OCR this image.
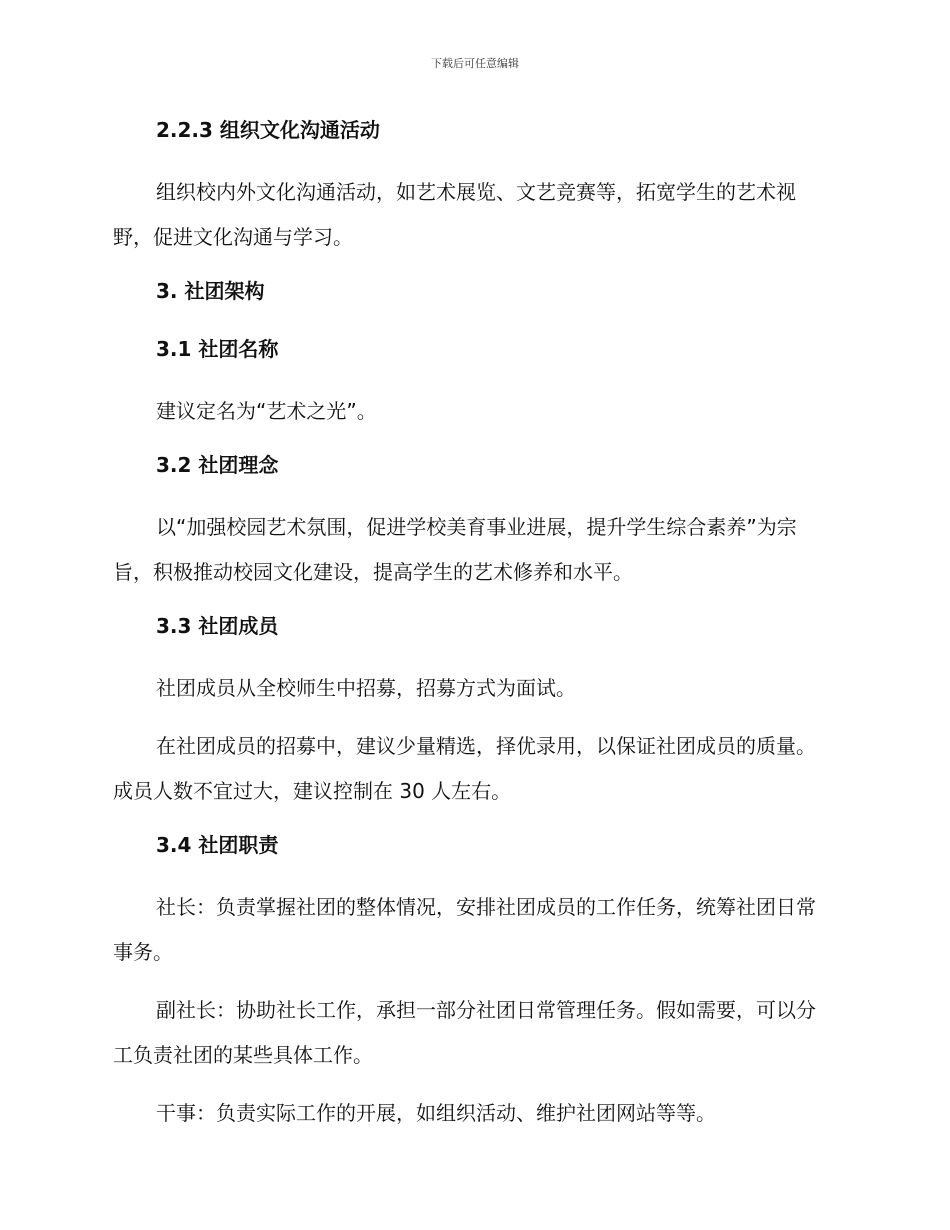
下载后可任意编辑
2.2.3 组织文化沟通活动
组织校内外文化沟通活动，如艺术展览、文艺竞赛等，拓宽学生的艺术视野，促进文化沟通与学习。
3. 社团架构
3.1 社团名称
建议定名为“艺术之光”。
3.2 社团理念
以“加强校园艺术氛围，促进学校美育事业进展，提升学生综合素养”为宗旨，积极推动校园文化建设，提高学生的艺术修养和水平。
3.3 社团成员
社团成员从全校师生中招募，招募方式为面试。
在社团成员的招募中，建议少量精选，择优录用，以保证社团成员的质量。成员人数不宜过大，建议控制在 30 人左右。
3.4 社团职责
社长：负责掌握社团的整体情况，安排社团成员的工作任务，统筹社团日常事务。
副社长：协助社长工作，承担一部分社团日常管理任务。假如需要，可以分工负责社团的某些具体工作。
干事：负责实际工作的开展，如组织活动、维护社团网站等等。
